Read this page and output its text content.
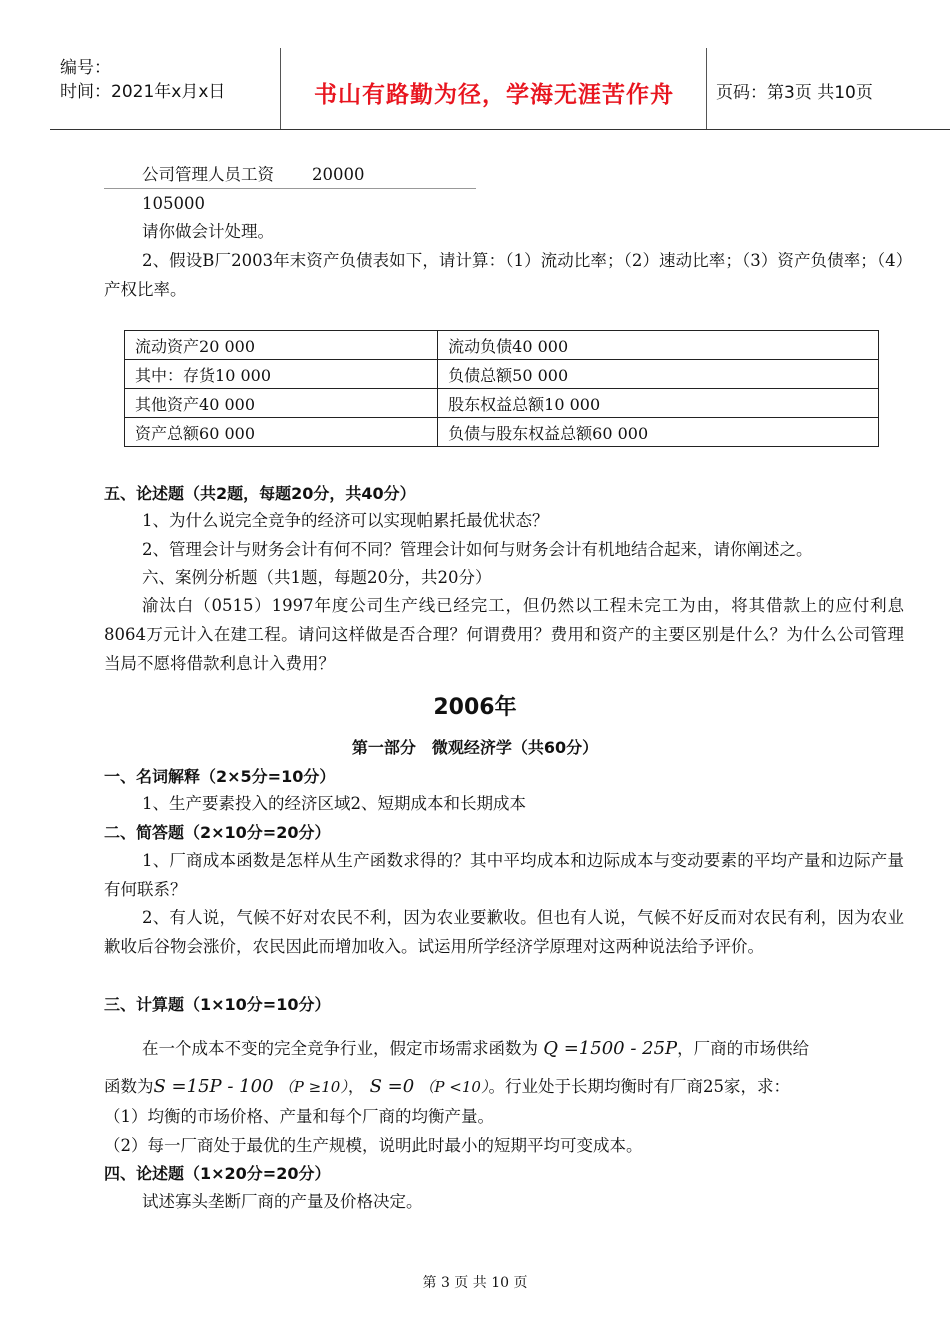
编号：
时间：2021年x月x日	书山有路勤为径，学海无涯苦作舟	页码：第3页 共10页
公司管理人员工资 20000
105000
请你做会计处理。
2、假设B厂2003年末资产负债表如下，请计算：（1）流动比率；（2）速动比率；（3）资产负债率；（4）产权比率。
流动资产20 000	流动负债40 000
其中：存货10 000	负债总额50 000
其他资产40 000	股东权益总额10 000
资产总额60 000	负债与股东权益总额60 000
五、论述题（共2题，每题20分，共40分）
1、为什么说完全竞争的经济可以实现帕累托最优状态？
2、管理会计与财务会计有何不同？管理会计如何与财务会计有机地结合起来，请你阐述之。
六、案例分析题（共1题，每题20分，共20分）
渝汰白（0515）1997年度公司生产线已经完工，但仍然以工程未完工为由，将其借款上的应付利息8064万元计入在建工程。请问这样做是否合理？何谓费用？费用和资产的主要区别是什么？为什么公司管理当局不愿将借款利息计入费用？
2006年
第一部分　微观经济学（共60分）
一、名词解释（2×5分=10分）
1、生产要素投入的经济区域2、短期成本和长期成本
二、简答题（2×10分=20分）
1、厂商成本函数是怎样从生产函数求得的？其中平均成本和边际成本与变动要素的平均产量和边际产量有何联系？
2、有人说，气候不好对农民不利，因为农业要歉收。但也有人说，气候不好反而对农民有利，因为农业歉收后谷物会涨价，农民因此而增加收入。试运用所学经济学原理对这两种说法给予评价。
三、计算题（1×10分=10分）
在一个成本不变的完全竞争行业，假定市场需求函数为 Q =1500 - 25P，厂商的市场供给
函数为S =15P - 100 （P ≥10）， S =0 （P <10）。行业处于长期均衡时有厂商25家，求：
（1）均衡的市场价格、产量和每个厂商的均衡产量。
（2）每一厂商处于最优的生产规模，说明此时最小的短期平均可变成本。
四、论述题（1×20分=20分）
试述寡头垄断厂商的产量及价格决定。
第 3 页 共 10 页
